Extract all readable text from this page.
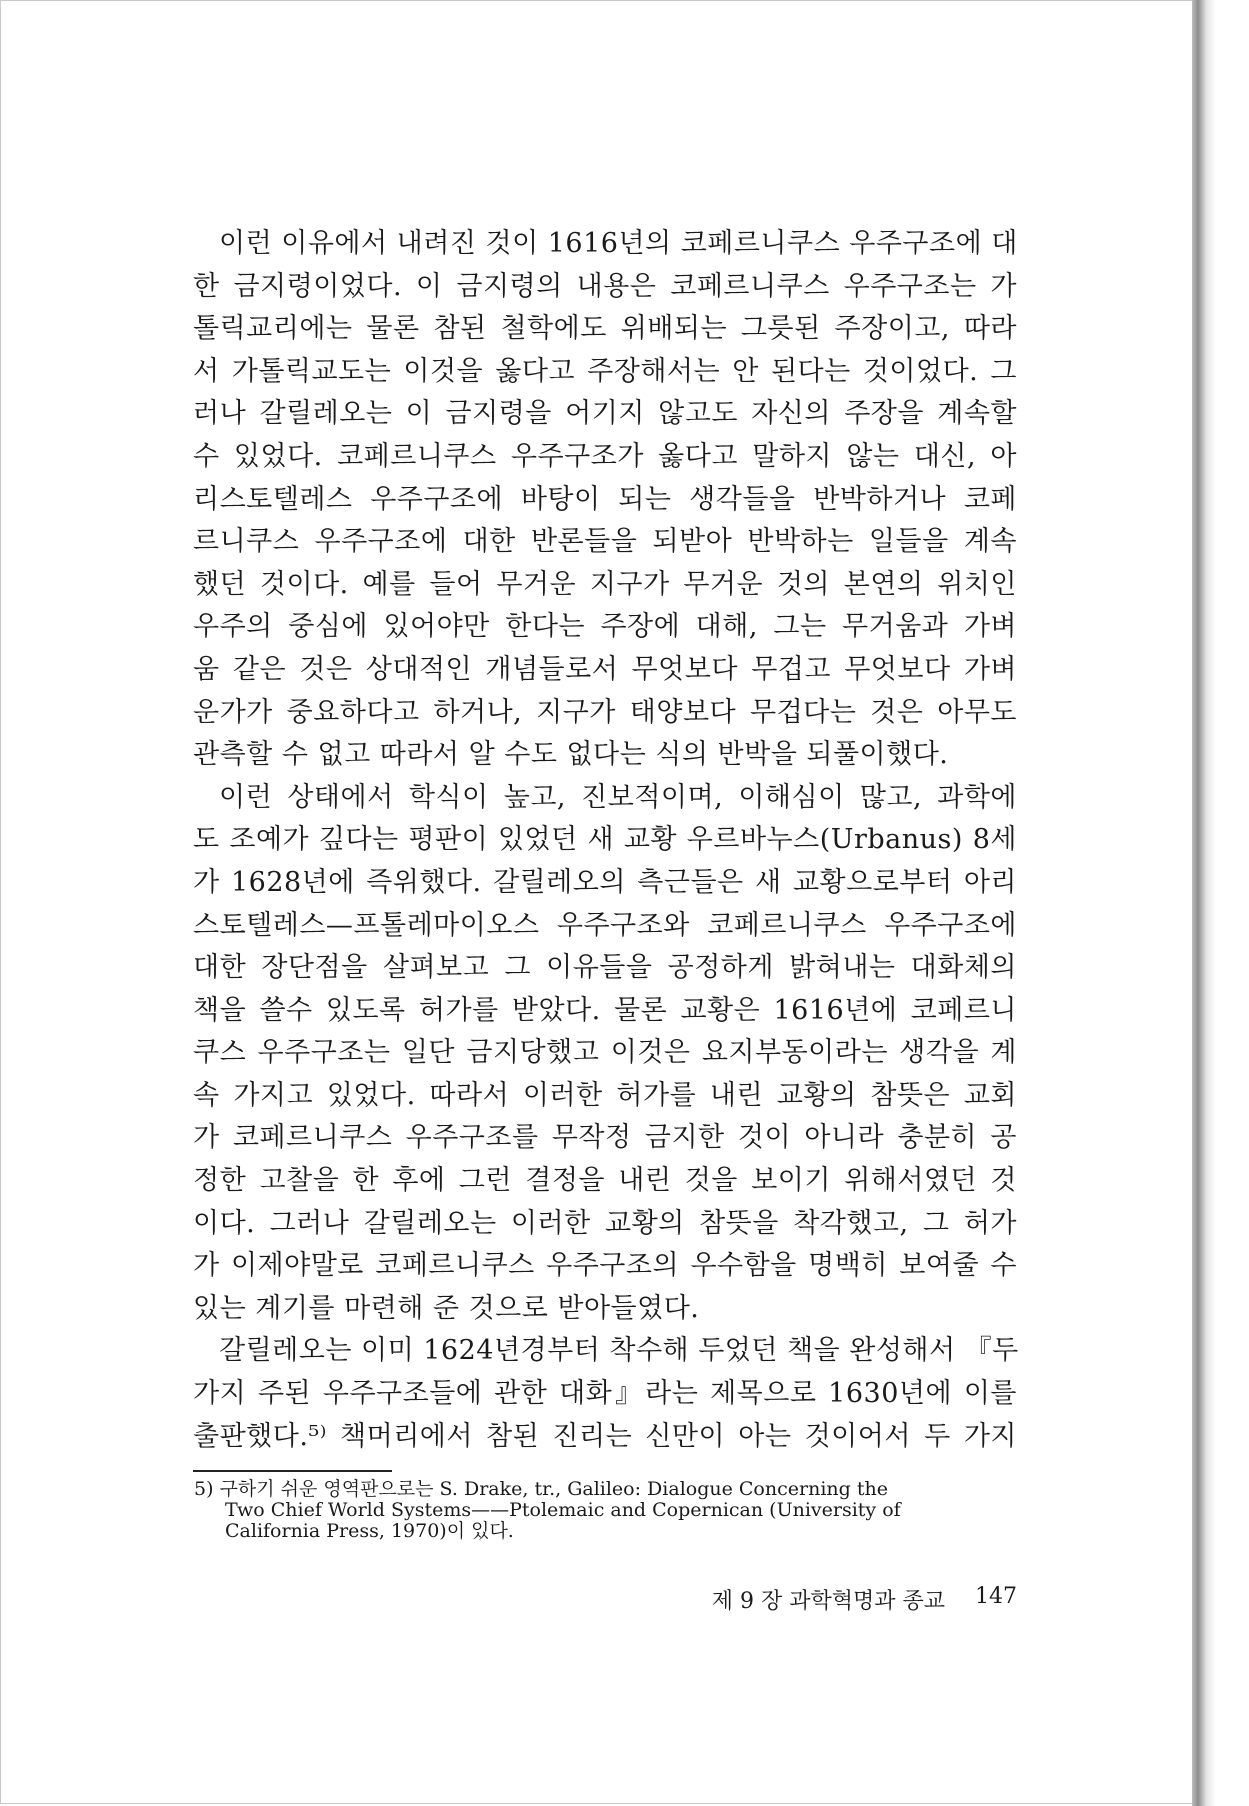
이런 이유에서 내려진 것이 1616년의 코페르니쿠스 우주구조에 대
한 금지령이었다. 이 금지령의 내용은 코페르니쿠스 우주구조는 가
톨릭교리에는 물론 참된 철학에도 위배되는 그릇된 주장이고, 따라
서 가톨릭교도는 이것을 옳다고 주장해서는 안 된다는 것이었다. 그
러나 갈릴레오는 이 금지령을 어기지 않고도 자신의 주장을 계속할
수 있었다. 코페르니쿠스 우주구조가 옳다고 말하지 않는 대신, 아
리스토텔레스 우주구조에 바탕이 되는 생각들을 반박하거나 코페
르니쿠스 우주구조에 대한 반론들을 되받아 반박하는 일들을 계속
했던 것이다. 예를 들어 무거운 지구가 무거운 것의 본연의 위치인
우주의 중심에 있어야만 한다는 주장에 대해, 그는 무거움과 가벼
움 같은 것은 상대적인 개념들로서 무엇보다 무겁고 무엇보다 가벼
운가가 중요하다고 하거나, 지구가 태양보다 무겁다는 것은 아무도
관측할 수 없고 따라서 알 수도 없다는 식의 반박을 되풀이했다.
이런 상태에서 학식이 높고, 진보적이며, 이해심이 많고, 과학에
도 조예가 깊다는 평판이 있었던 새 교황 우르바누스(Urbanus) 8세
가 1628년에 즉위했다. 갈릴레오의 측근들은 새 교황으로부터 아리
스토텔레스—프톨레마이오스 우주구조와 코페르니쿠스 우주구조에
대한 장단점을 살펴보고 그 이유들을 공정하게 밝혀내는 대화체의
책을 쓸수 있도록 허가를 받았다. 물론 교황은 1616년에 코페르니
쿠스 우주구조는 일단 금지당했고 이것은 요지부동이라는 생각을 계
속 가지고 있었다. 따라서 이러한 허가를 내린 교황의 참뜻은 교회
가 코페르니쿠스 우주구조를 무작정 금지한 것이 아니라 충분히 공
정한 고찰을 한 후에 그런 결정을 내린 것을 보이기 위해서였던 것
이다. 그러나 갈릴레오는 이러한 교황의 참뜻을 착각했고, 그 허가
가 이제야말로 코페르니쿠스 우주구조의 우수함을 명백히 보여줄 수
있는 계기를 마련해 준 것으로 받아들였다.
갈릴레오는 이미 1624년경부터 착수해 두었던 책을 완성해서 『두
가지 주된 우주구조들에 관한 대화』라는 제목으로 1630년에 이를
출판했다.⁵⁾ 책머리에서 참된 진리는 신만이 아는 것이어서 두 가지
5) 구하기 쉬운 영역판으로는 S. Drake, tr., Galileo: Dialogue Concerning the
Two Chief World Systems——Ptolemaic and Copernican (University of
California Press, 1970)이 있다.
제 9 장 과학혁명과 종교 147
